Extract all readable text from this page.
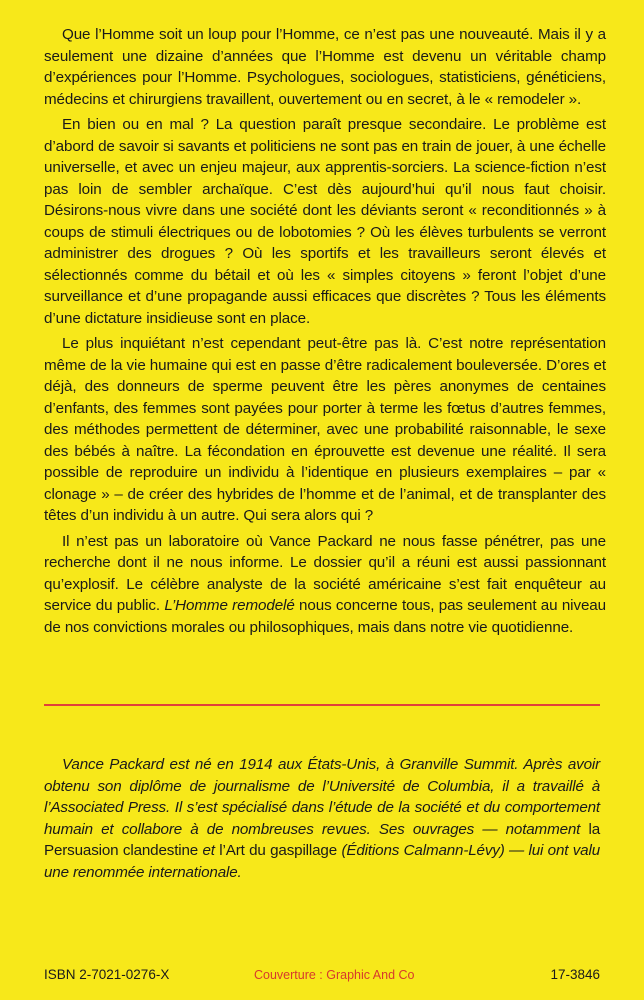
Que l’Homme soit un loup pour l’Homme, ce n’est pas une nouveauté. Mais il y a seulement une dizaine d’années que l’Homme est devenu un véritable champ d’expériences pour l’Homme. Psychologues, sociologues, statisticiens, généticiens, médecins et chirurgiens travaillent, ouvertement ou en secret, à le « remodeler ».

En bien ou en mal ? La question paraît presque secondaire. Le problème est d’abord de savoir si savants et politiciens ne sont pas en train de jouer, à une échelle universelle, et avec un enjeu majeur, aux apprentis-sorciers. La science-fiction n’est pas loin de sembler archaïque. C’est dès aujourd’hui qu’il nous faut choisir. Désirons-nous vivre dans une société dont les déviants seront « reconditionnés » à coups de stimuli électriques ou de lobotomies ? Où les élèves turbulents se verront administrer des drogues ? Où les sportifs et les travailleurs seront élevés et sélectionnés comme du bétail et où les « simples citoyens » feront l’objet d’une surveillance et d’une propagande aussi efficaces que discrètes ? Tous les éléments d’une dictature insidieuse sont en place.

Le plus inquiétant n’est cependant peut-être pas là. C’est notre représentation même de la vie humaine qui est en passe d’être radicalement bouleversée. D’ores et déjà, des donneurs de sperme peuvent être les pères anonymes de centaines d’enfants, des femmes sont payées pour porter à terme les fœtus d’autres femmes, des méthodes permettent de déterminer, avec une probabilité raisonnable, le sexe des bébés à naître. La fécondation en éprouvette est devenue une réalité. Il sera possible de reproduire un individu à l’identique en plusieurs exemplaires – par « clonage » – de créer des hybrides de l’homme et de l’animal, et de transplanter des têtes d’un individu à un autre. Qui sera alors qui ?

Il n’est pas un laboratoire où Vance Packard ne nous fasse pénétrer, pas une recherche dont il ne nous informe. Le dossier qu’il a réuni est aussi passionnant qu’explosif. Le célèbre analyste de la société américaine s’est fait enquêteur au service du public. L’Homme remodelé nous concerne tous, pas seulement au niveau de nos convictions morales ou philosophiques, mais dans notre vie quotidienne.

Vance Packard est né en 1914 aux États-Unis, à Granville Summit. Après avoir obtenu son diplôme de journalisme de l’Université de Columbia, il a travaillé à l’Associated Press. Il s’est spécialisé dans l’étude de la société et du comportement humain et collabore à de nombreuses revues. Ses ouvrages — notamment la Persuasion clandestine et l’Art du gaspillage (Éditions Calmann-Lévy) — lui ont valu une renommée internationale.

ISBN 2-7021-0276-X	Couverture : Graphic And Co	17-3846
